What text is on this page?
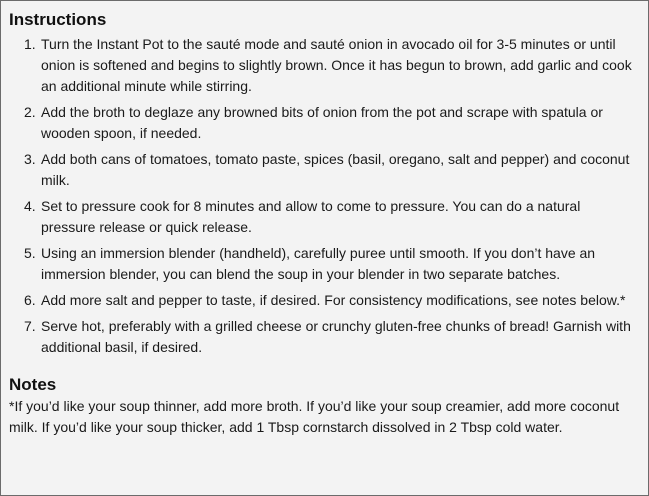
Instructions
1. Turn the Instant Pot to the sauté mode and sauté onion in avocado oil for 3-5 minutes or until onion is softened and begins to slightly brown. Once it has begun to brown, add garlic and cook an additional minute while stirring.
2. Add the broth to deglaze any browned bits of onion from the pot and scrape with spatula or wooden spoon, if needed.
3. Add both cans of tomatoes, tomato paste, spices (basil, oregano, salt and pepper) and coconut milk.
4. Set to pressure cook for 8 minutes and allow to come to pressure. You can do a natural pressure release or quick release.
5. Using an immersion blender (handheld), carefully puree until smooth. If you don’t have an immersion blender, you can blend the soup in your blender in two separate batches.
6. Add more salt and pepper to taste, if desired. For consistency modifications, see notes below.*
7. Serve hot, preferably with a grilled cheese or crunchy gluten-free chunks of bread! Garnish with additional basil, if desired.
Notes

*If you’d like your soup thinner, add more broth. If you’d like your soup creamier, add more coconut milk. If you’d like your soup thicker, add 1 Tbsp cornstarch dissolved in 2 Tbsp cold water.
